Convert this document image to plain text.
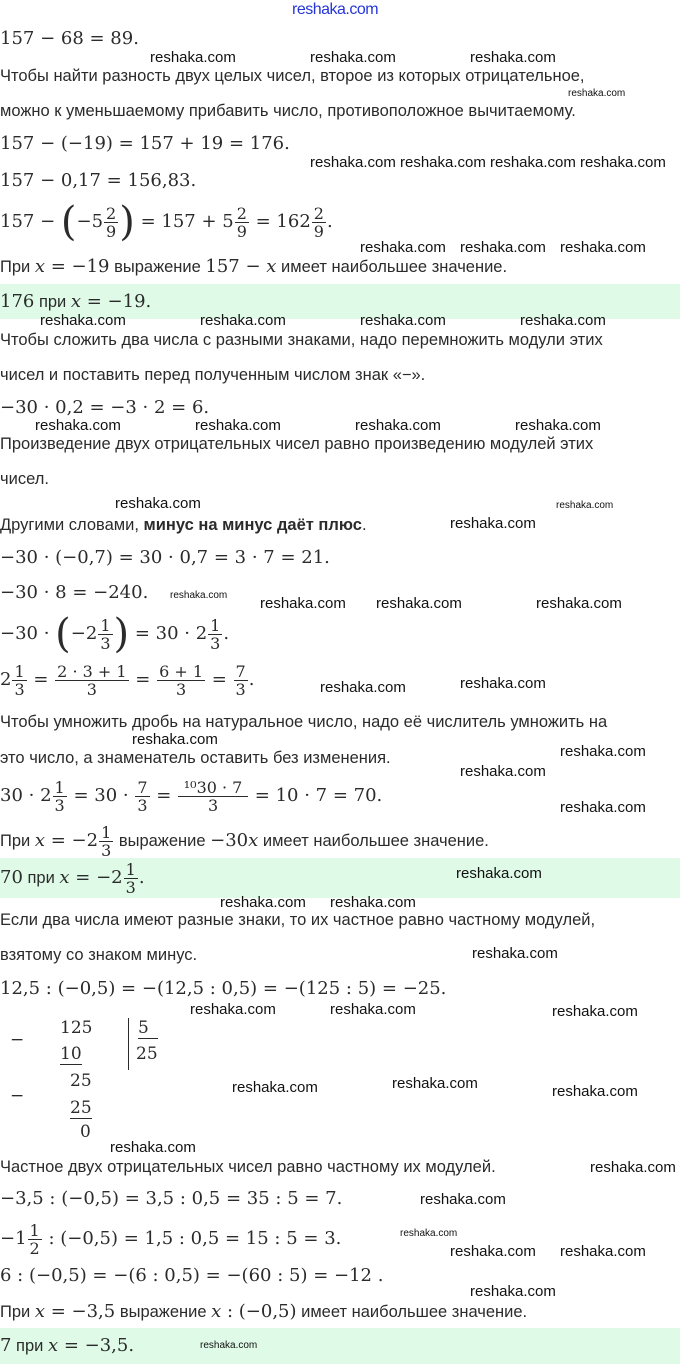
157 − 68 = 89.
Чтобы найти разность двух целых чисел, второе из которых отрицательное,
можно к уменьшаемому прибавить число, противоположное вычитаемому.
157 − (−19) = 157 + 19 = 176.
157 − 0,17 = 156,83.
$157 - (-5 \frac{2}{9}$ ) = $157 + 5 \frac{2}{9} = 162 \frac{2}{9}$ .
При x = −19 выражение 157 − x имеет наибольшее значение.
176 при x = −19.
Чтобы сложить два числа с разными знаками, надо перемножить модули этих
чисел и поставить перед полученным числом знак «−».
−30 · 0,2 = −3 · 2 = 6.
Произведение двух отрицательных чисел равно произведению модулей этих
чисел.
Другими словами, минус на минус даёт плюс.
−30 · (−0,7) = 30 · 0,7 = 3 · 7 = 21.
−30 · 8 = −240.
$-30 \cdot (-2 \frac{1}{3}$ ) = $30 \cdot 2 \frac{1}{3}$ .
$2 \frac{1}{3} = \frac{2 \cdot 3 + 1}{3} = \frac{6 + 1}{3} = \frac{7}{3}$ .
Чтобы умножить дробь на натуральное число, надо её числитель умножить на
это число, а знаменатель оставить без изменения.
$30 \cdot 2 \frac{1}{3} = 30 \cdot \frac{7}{3} = \frac{\text{¹⁰30 · 7}}{3} = 10 \cdot 7 = 70$.
При $x = -2 \frac{1}{3}$ выражение −30x имеет наибольшее значение.
70 при $x = -2 \frac{1}{3}$ .
Если два числа имеют разные знаки, то их частное равно частному модулей,
взятому со знаком минус.
12,5 : (−0,5) = −(12,5 : 0,5) = −(125 : 5) = −25.
−
125
10
5
25
−
25
25
0
Частное двух отрицательных чисел равно частному их модулей.
−3,5 : (−0,5) = 3,5 : 0,5 = 35 : 5 = 7.
$-1 \frac{1}{2}$ : (−0,5) = 1,5 : 0,5 = 15 : 5 = 3.
6 : (−0,5) = −(6 : 0,5) = −(60 : 5) = −12 .
При x = −3,5 выражение x : (−0,5) имеет наибольшее значение.
7 при x = −3,5.
reshaka.com
reshaka.com	reshaka.com	reshaka.com
reshaka.com
reshaka.com reshaka.com reshaka.com reshaka.com
reshaka.com reshaka.com reshaka.com
reshaka.com	reshaka.com	reshaka.com	reshaka.com
reshaka.com	reshaka.com	reshaka.com	reshaka.com
reshaka.com	reshaka.com
reshaka.com
reshaka.com reshaka.com reshaka.com	reshaka.com
reshaka.com	reshaka.com
reshaka.com
reshaka.com
reshaka.com
reshaka.com
reshaka.com
reshaka.com reshaka.com
reshaka.com
reshaka.com	reshaka.com	reshaka.com
reshaka.com	reshaka.com	reshaka.com
reshaka.com
reshaka.com
reshaka.com
reshaka.com
reshaka.com reshaka.com
reshaka.com
reshaka.com
